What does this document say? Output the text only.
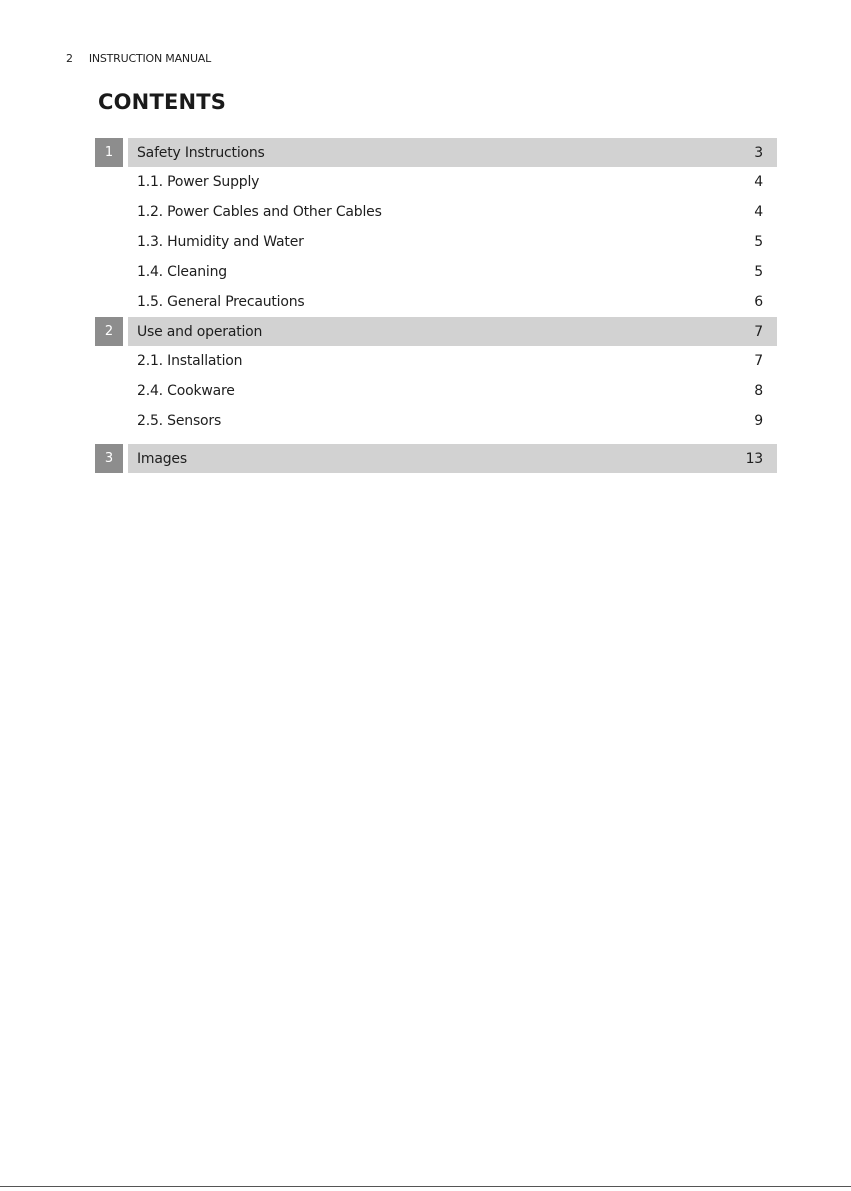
2 INSTRUCTION MANUAL
CONTENTS
1	Safety Instructions	3
1.1. Power Supply	4
1.2. Power Cables and Other Cables	4
1.3. Humidity and Water	5
1.4. Cleaning	5
1.5. General Precautions	6
2	Use and operation	7
2.1. Installation	7
2.4. Cookware	8
2.5. Sensors	9
3	Images	13
